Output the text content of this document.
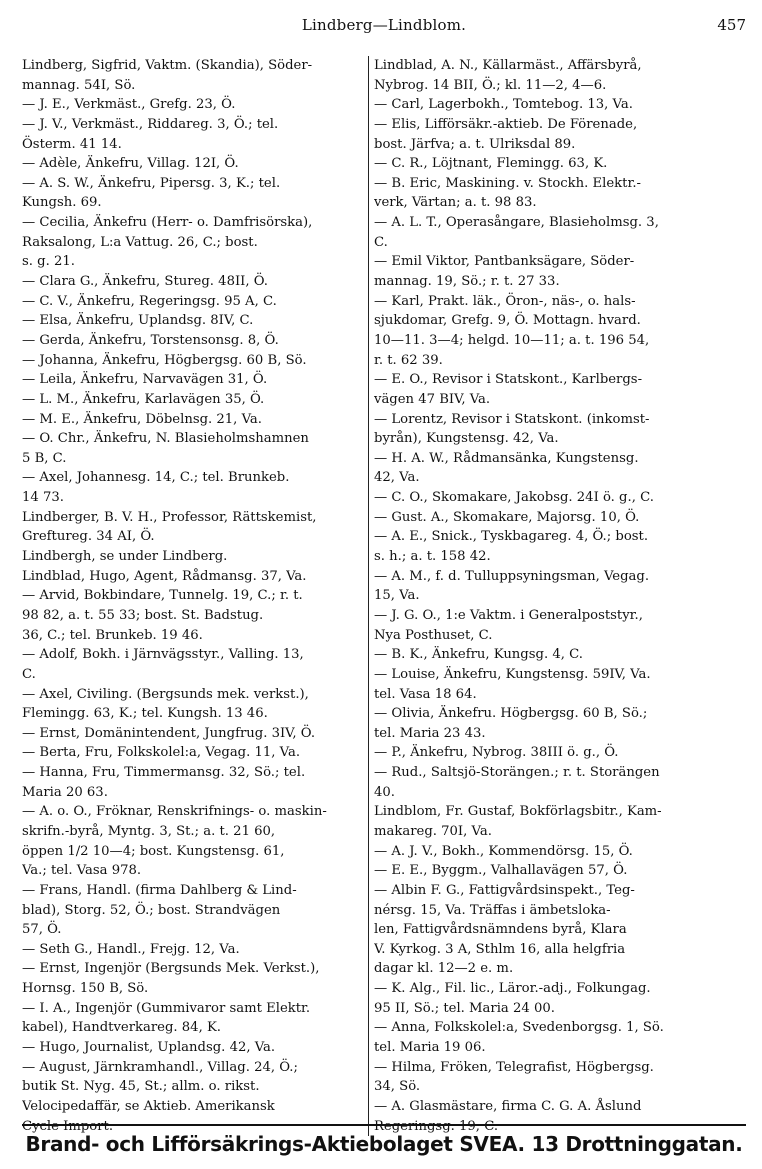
Lindberg—Lindblom.	457
Lindberg, Sigfrid, Vaktm. (Skandia), Söder-
mannag. 54I, Sö.
— J. E., Verkmäst., Grefg. 23, Ö.
— J. V., Verkmäst., Riddareg. 3, Ö.; tel.
Österm. 41 14.
— Adèle, Änkefru, Villag. 12I, Ö.
— A. S. W., Änkefru, Pipersg. 3, K.; tel.
Kungsh. 69.
— Cecilia, Änkefru (Herr- o. Damfrisörska),
Raksalong, L:a Vattug. 26, C.; bost.
s. g. 21.
— Clara G., Änkefru, Stureg. 48II, Ö.
— C. V., Änkefru, Regeringsg. 95 A, C.
— Elsa, Änkefru, Uplandsg. 8IV, C.
— Gerda, Änkefru, Torstensonsg. 8, Ö.
— Johanna, Änkefru, Högbergsg. 60 B, Sö.
— Leila, Änkefru, Narvavägen 31, Ö.
— L. M., Änkefru, Karlavägen 35, Ö.
— M. E., Änkefru, Döbelnsg. 21, Va.
— O. Chr., Änkefru, N. Blasieholmshamnen
5 B, C.
— Axel, Johannesg. 14, C.; tel. Brunkeb.
14 73.
Lindberger, B. V. H., Professor, Rättskemist,
Greftureg. 34 AI, Ö.
Lindbergh, se under Lindberg.
Lindblad, Hugo, Agent, Rådmansg. 37, Va.
— Arvid, Bokbindare, Tunnelg. 19, C.; r. t.
98 82, a. t. 55 33; bost. St. Badstug.
36, C.; tel. Brunkeb. 19 46.
— Adolf, Bokh. i Järnvägsstyr., Valling. 13,
C.
— Axel, Civiling. (Bergsunds mek. verkst.),
Flemingg. 63, K.; tel. Kungsh. 13 46.
— Ernst, Domänintendent, Jungfrug. 3IV, Ö.
— Berta, Fru, Folkskolel:a, Vegag. 11, Va.
— Hanna, Fru, Timmermansg. 32, Sö.; tel.
Maria 20 63.
— A. o. O., Fröknar, Renskrifnings- o. maskin-
skrifn.-byrå, Myntg. 3, St.; a. t. 21 60,
öppen 1/2 10—4; bost. Kungstensg. 61,
Va.; tel. Vasa 978.
— Frans, Handl. (firma Dahlberg & Lind-
blad), Storg. 52, Ö.; bost. Strandvägen
57, Ö.
— Seth G., Handl., Frejg. 12, Va.
— Ernst, Ingenjör (Bergsunds Mek. Verkst.),
Hornsg. 150 B, Sö.
— I. A., Ingenjör (Gummivaror samt Elektr.
kabel), Handtverkareg. 84, K.
— Hugo, Journalist, Uplandsg. 42, Va.
— August, Järnkramhandl., Villag. 24, Ö.;
butik St. Nyg. 45, St.; allm. o. rikst.
Velocipedaffär, se Aktieb. Amerikansk
Cycle Import.
Lindblad, A. N., Källarmäst., Affärsbyrå,
Nybrog. 14 BII, Ö.; kl. 11—2, 4—6.
— Carl, Lagerbokh., Tomtebog. 13, Va.
— Elis, Lifförsäkr.-aktieb. De Förenade,
bost. Järfva; a. t. Ulriksdal 89.
— C. R., Löjtnant, Flemingg. 63, K.
— B. Eric, Maskining. v. Stockh. Elektr.-
verk, Värtan; a. t. 98 83.
— A. L. T., Operasångare, Blasieholmsg. 3,
C.
— Emil Viktor, Pantbanksägare, Söder-
mannag. 19, Sö.; r. t. 27 33.
— Karl, Prakt. läk., Öron-, näs-, o. hals-
sjukdomar, Grefg. 9, Ö. Mottagn. hvard.
10—11. 3—4; helgd. 10—11; a. t. 196 54,
r. t. 62 39.
— E. O., Revisor i Statskont., Karlbergs-
vägen 47 BIV, Va.
— Lorentz, Revisor i Statskont. (inkomst-
byrån), Kungstensg. 42, Va.
— H. A. W., Rådmansänka, Kungstensg.
42, Va.
— C. O., Skomakare, Jakobsg. 24I ö. g., C.
— Gust. A., Skomakare, Majorsg. 10, Ö.
— A. E., Snick., Tyskbagareg. 4, Ö.; bost.
s. h.; a. t. 158 42.
— A. M., f. d. Tulluppsyningsman, Vegag.
15, Va.
— J. G. O., 1:e Vaktm. i Generalpoststyr.,
Nya Posthuset, C.
— B. K., Änkefru, Kungsg. 4, C.
— Louise, Änkefru, Kungstensg. 59IV, Va.
tel. Vasa 18 64.
— Olivia, Änkefru. Högbergsg. 60 B, Sö.;
tel. Maria 23 43.
— P., Änkefru, Nybrog. 38III ö. g., Ö.
— Rud., Saltsjö-Storängen.; r. t. Storängen
40.
Lindblom, Fr. Gustaf, Bokförlagsbitr., Kam-
makareg. 70I, Va.
— A. J. V., Bokh., Kommendörsg. 15, Ö.
— E. E., Byggm., Valhallavägen 57, Ö.
— Albin F. G., Fattigvårdsinspekt., Teg-
nérsg. 15, Va. Träffas i ämbetsloka-
len, Fattigvårdsnämndens byrå, Klara
V. Kyrkog. 3 A, Sthlm 16, alla helgfria
dagar kl. 12—2 e. m.
— K. Alg., Fil. lic., Läror.-adj., Folkungag.
95 II, Sö.; tel. Maria 24 00.
— Anna, Folkskolel:a, Svedenborgsg. 1, Sö.
tel. Maria 19 06.
— Hilma, Fröken, Telegrafist, Högbergsg.
34, Sö.
— A. Glasmästare, firma C. G. A. Åslund
Regeringsg. 19, C.
Brand- och Lifförsäkrings-Aktiebolaget SVEA. 13 Drottninggatan.
